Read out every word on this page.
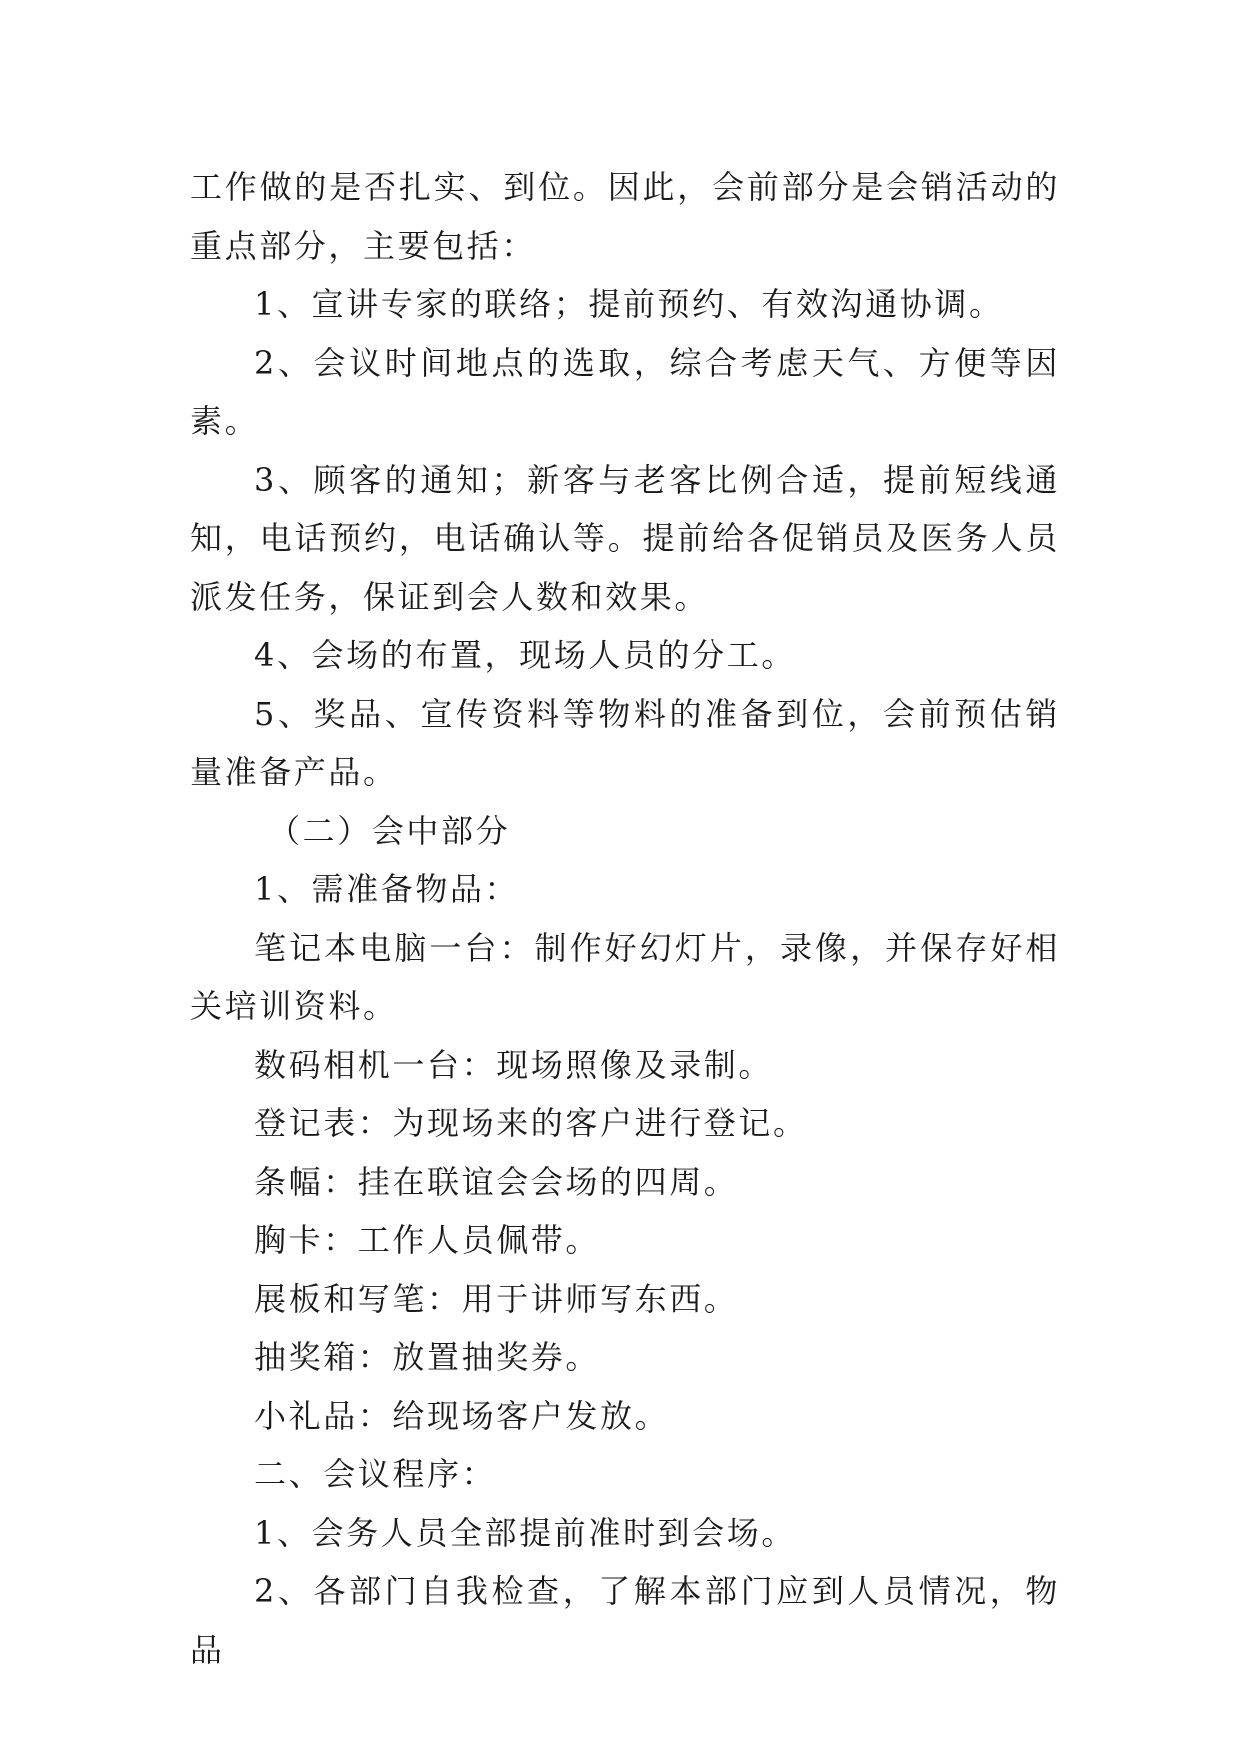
工作做的是否扎实、到位。因此，会前部分是会销活动的重点部分，主要包括：

1、宣讲专家的联络；提前预约、有效沟通协调。

2、会议时间地点的选取，综合考虑天气、方便等因素。

3、顾客的通知；新客与老客比例合适，提前短线通知，电话预约，电话确认等。提前给各促销员及医务人员派发任务，保证到会人数和效果。

4、会场的布置，现场人员的分工。

5、奖品、宣传资料等物料的准备到位，会前预估销量准备产品。

（二）会中部分

1、需准备物品：

笔记本电脑一台：制作好幻灯片，录像，并保存好相关培训资料。

数码相机一台：现场照像及录制。

登记表：为现场来的客户进行登记。

条幅：挂在联谊会会场的四周。

胸卡：工作人员佩带。

展板和写笔：用于讲师写东西。

抽奖箱：放置抽奖券。

小礼品：给现场客户发放。

二、会议程序：

1、会务人员全部提前准时到会场。

2、各部门自我检查，了解本部门应到人员情况，物品
